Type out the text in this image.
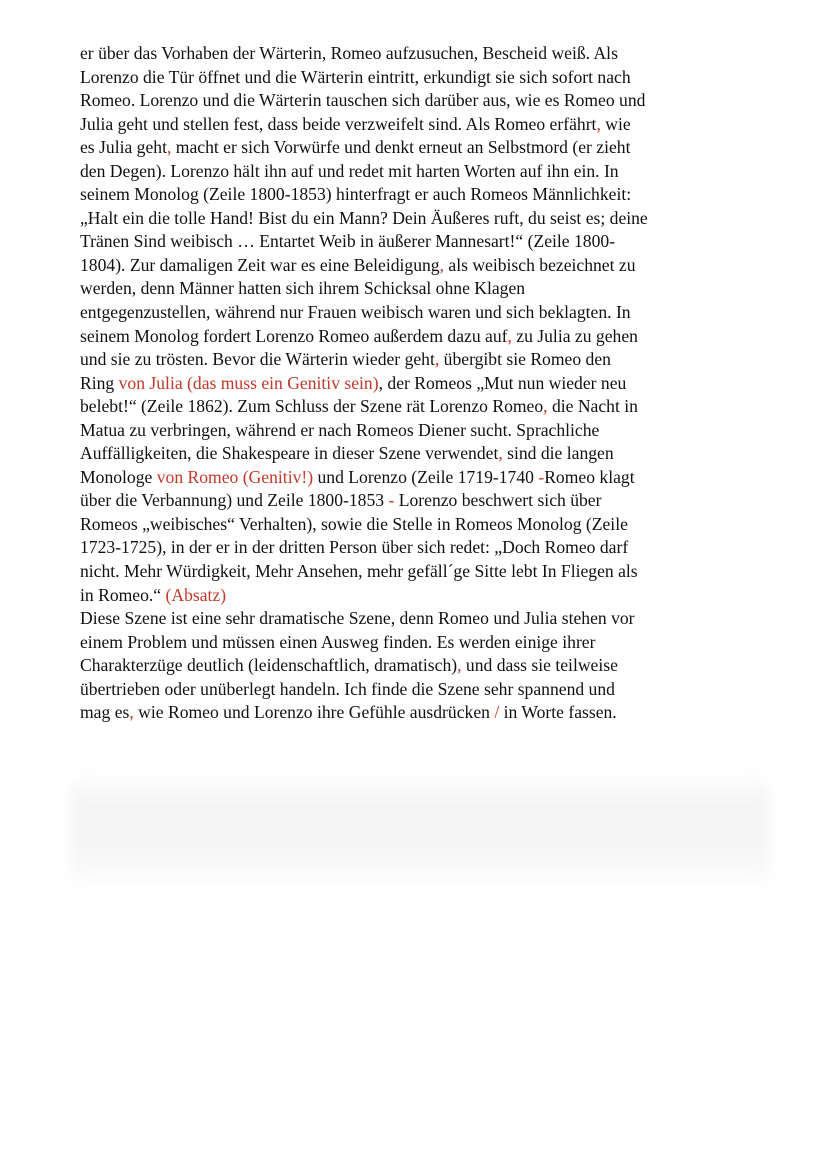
er über das Vorhaben der Wärterin, Romeo aufzusuchen, Bescheid weiß. Als
Lorenzo die Tür öffnet und die Wärterin eintritt, erkundigt sie sich sofort nach
Romeo. Lorenzo und die Wärterin tauschen sich darüber aus, wie es Romeo und
Julia geht und stellen fest, dass beide verzweifelt sind. Als Romeo erfährt, wie
es Julia geht, macht er sich Vorwürfe und denkt erneut an Selbstmord (er zieht
den Degen). Lorenzo hält ihn auf und redet mit harten Worten auf ihn ein. In
seinem Monolog (Zeile 1800-1853) hinterfragt er auch Romeos Männlichkeit:
„Halt ein die tolle Hand! Bist du ein Mann? Dein Äußeres ruft, du seist es; deine
Tränen Sind weibisch … Entartet Weib in äußerer Mannesart!“ (Zeile 1800-
1804). Zur damaligen Zeit war es eine Beleidigung, als weibisch bezeichnet zu
werden, denn Männer hatten sich ihrem Schicksal ohne Klagen
entgegenzustellen, während nur Frauen weibisch waren und sich beklagten. In
seinem Monolog fordert Lorenzo Romeo außerdem dazu auf, zu Julia zu gehen
und sie zu trösten. Bevor die Wärterin wieder geht, übergibt sie Romeo den
Ring von Julia (das muss ein Genitiv sein), der Romeos „Mut nun wieder neu
belebt!“ (Zeile 1862). Zum Schluss der Szene rät Lorenzo Romeo, die Nacht in
Matua zu verbringen, während er nach Romeos Diener sucht. Sprachliche
Auffälligkeiten, die Shakespeare in dieser Szene verwendet, sind die langen
Monologe von Romeo (Genitiv!) und Lorenzo (Zeile 1719-1740 -Romeo klagt
über die Verbannung) und Zeile 1800-1853 - Lorenzo beschwert sich über
Romeos „weibisches“ Verhalten), sowie die Stelle in Romeos Monolog (Zeile
1723-1725), in der er in der dritten Person über sich redet: „Doch Romeo darf
nicht. Mehr Würdigkeit, Mehr Ansehen, mehr gefäll´ge Sitte lebt In Fliegen als
in Romeo.“ (Absatz)
Diese Szene ist eine sehr dramatische Szene, denn Romeo und Julia stehen vor
einem Problem und müssen einen Ausweg finden. Es werden einige ihrer
Charakterzüge deutlich (leidenschaftlich, dramatisch), und dass sie teilweise
übertrieben oder unüberlegt handeln. Ich finde die Szene sehr spannend und
mag es, wie Romeo und Lorenzo ihre Gefühle ausdrücken / in Worte fassen.
